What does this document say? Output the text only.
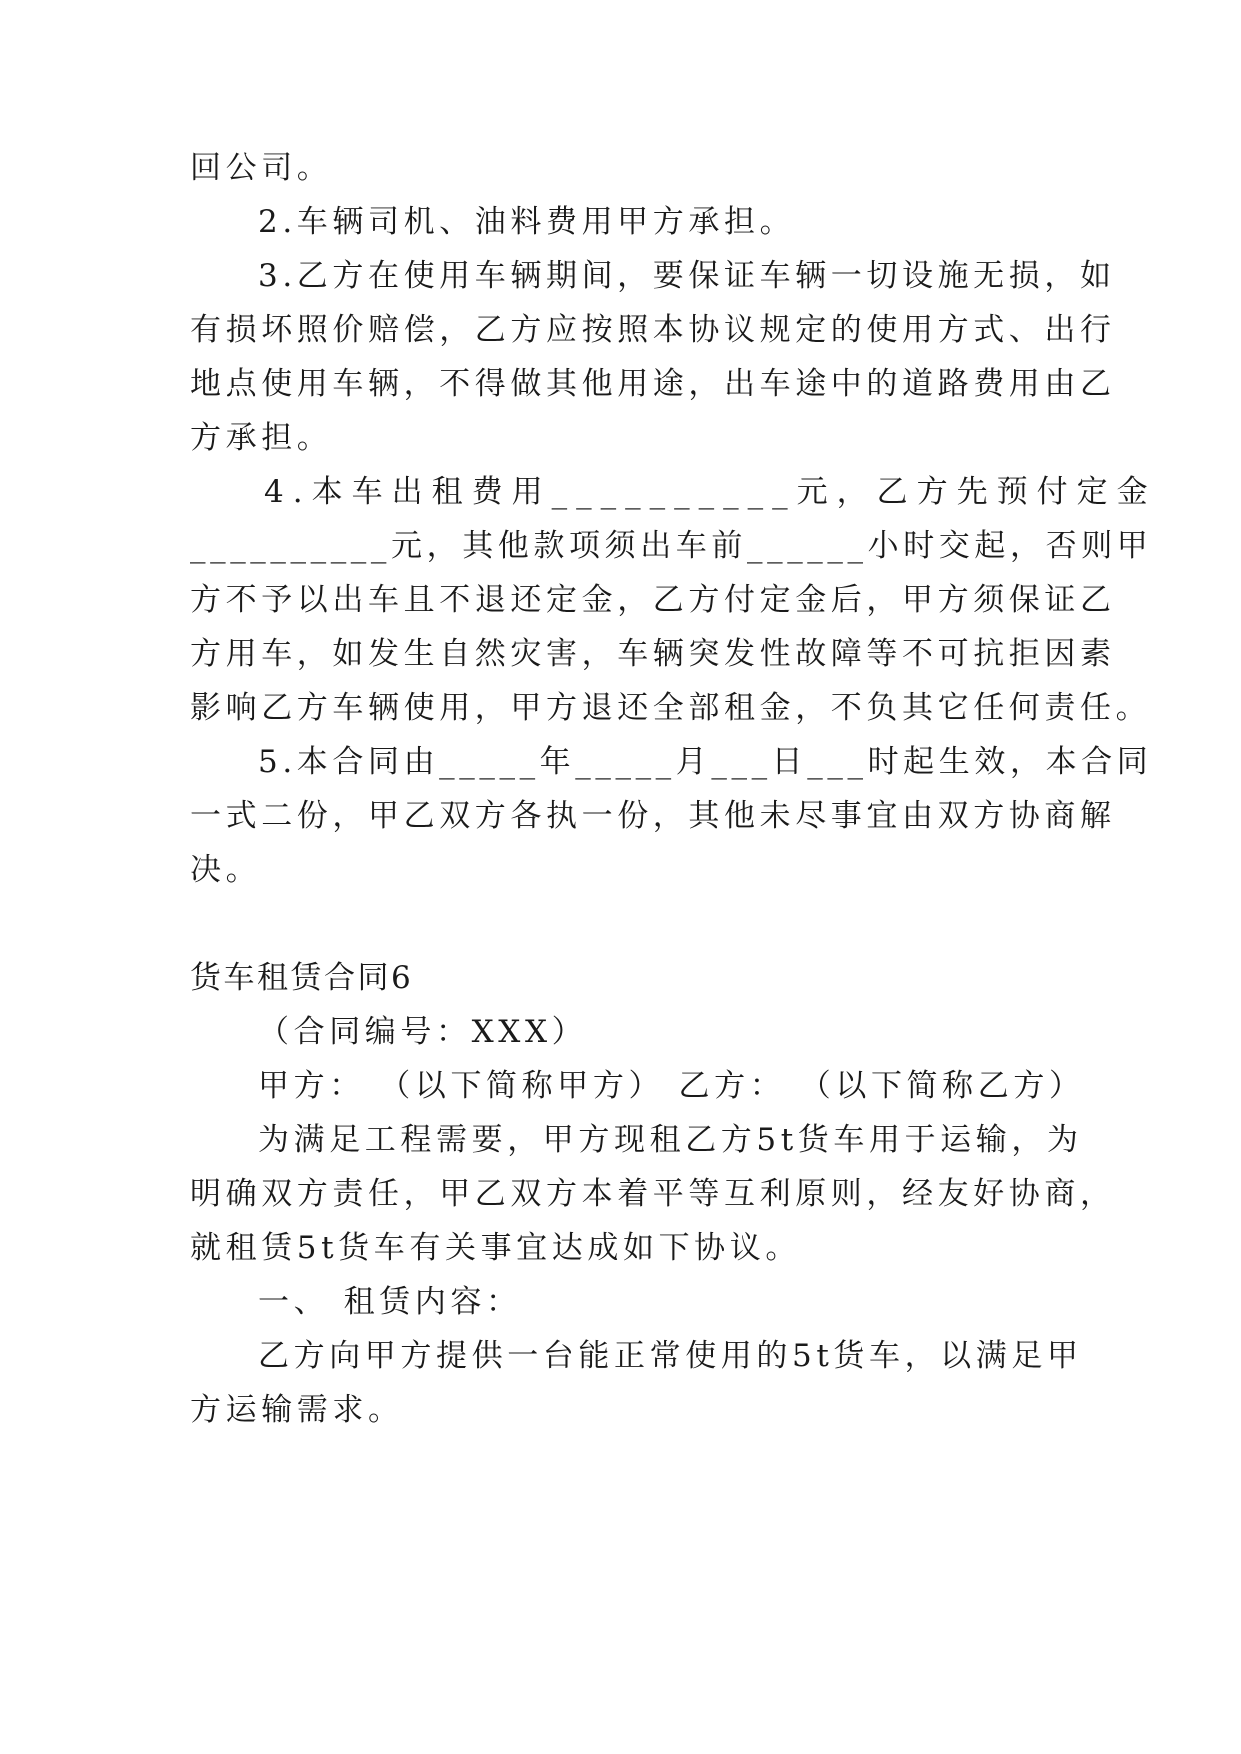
回公司。
2.车辆司机、油料费用甲方承担。
3.乙方在使用车辆期间，要保证车辆一切设施无损，如
有损坏照价赔偿，乙方应按照本协议规定的使用方式、出行
地点使用车辆，不得做其他用途，出车途中的道路费用由乙
方承担。
4.本车出租费用__________元，乙方先预付定金
__________元，其他款项须出车前______小时交起，否则甲
方不予以出车且不退还定金，乙方付定金后，甲方须保证乙
方用车，如发生自然灾害，车辆突发性故障等不可抗拒因素
影响乙方车辆使用，甲方退还全部租金，不负其它任何责任。
5.本合同由_____年_____月___日___时起生效，本合同
一式二份，甲乙双方各执一份，其他未尽事宜由双方协商解
决。
货车租赁合同6
（合同编号：XXX）
甲方： （以下简称甲方） 乙方： （以下简称乙方）
为满足工程需要，甲方现租乙方5t货车用于运输，为
明确双方责任，甲乙双方本着平等互利原则，经友好协商，
就租赁5t货车有关事宜达成如下协议。
一、 租赁内容：
乙方向甲方提供一台能正常使用的5t货车，以满足甲
方运输需求。
